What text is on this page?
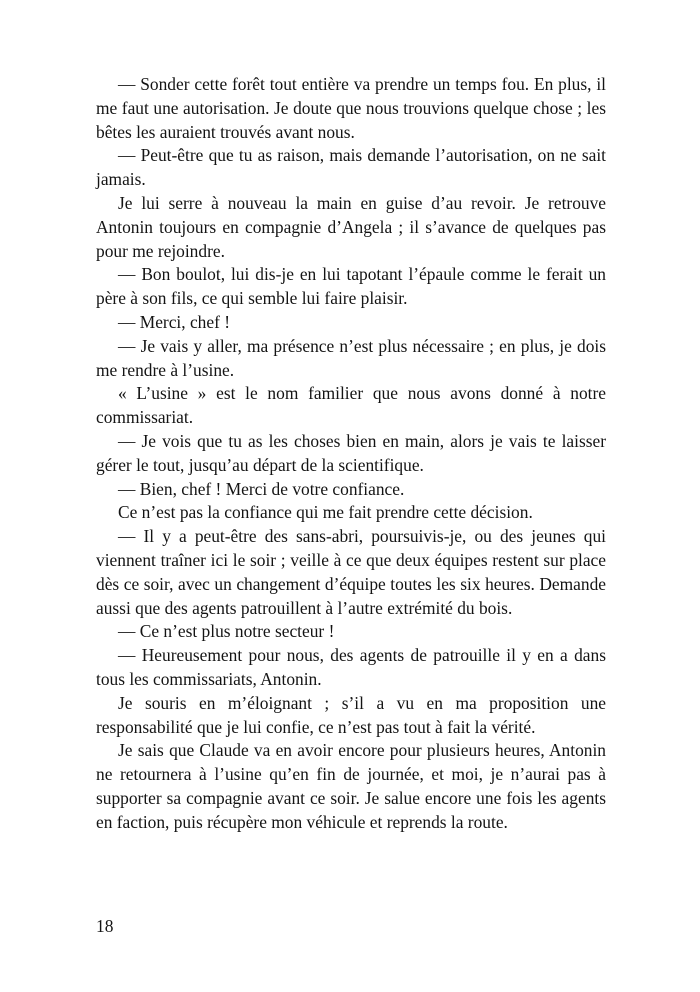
— Sonder cette forêt tout entière va prendre un temps fou. En plus, il me faut une autorisation. Je doute que nous trouvions quelque chose ; les bêtes les auraient trouvés avant nous.

— Peut-être que tu as raison, mais demande l’autorisation, on ne sait jamais.

Je lui serre à nouveau la main en guise d’au revoir. Je retrouve Antonin toujours en compagnie d’Angela ; il s’avance de quelques pas pour me rejoindre.

— Bon boulot, lui dis-je en lui tapotant l’épaule comme le ferait un père à son fils, ce qui semble lui faire plaisir.

— Merci, chef !

— Je vais y aller, ma présence n’est plus nécessaire ; en plus, je dois me rendre à l’usine.

« L’usine » est le nom familier que nous avons donné à notre commissariat.

— Je vois que tu as les choses bien en main, alors je vais te laisser gérer le tout, jusqu’au départ de la scientifique.

— Bien, chef ! Merci de votre confiance.

Ce n’est pas la confiance qui me fait prendre cette décision.

— Il y a peut-être des sans-abri, poursuivis-je, ou des jeunes qui viennent traîner ici le soir ; veille à ce que deux équipes restent sur place dès ce soir, avec un changement d’équipe toutes les six heures. Demande aussi que des agents patrouillent à l’autre extrémité du bois.

— Ce n’est plus notre secteur !

— Heureusement pour nous, des agents de patrouille il y en a dans tous les commissariats, Antonin.

Je souris en m’éloignant ; s’il a vu en ma proposition une responsabilité que je lui confie, ce n’est pas tout à fait la vérité.

Je sais que Claude va en avoir encore pour plusieurs heures, Antonin ne retournera à l’usine qu’en fin de journée, et moi, je n’aurai pas à supporter sa compagnie avant ce soir. Je salue encore une fois les agents en faction, puis récupère mon véhicule et reprends la route.

18
